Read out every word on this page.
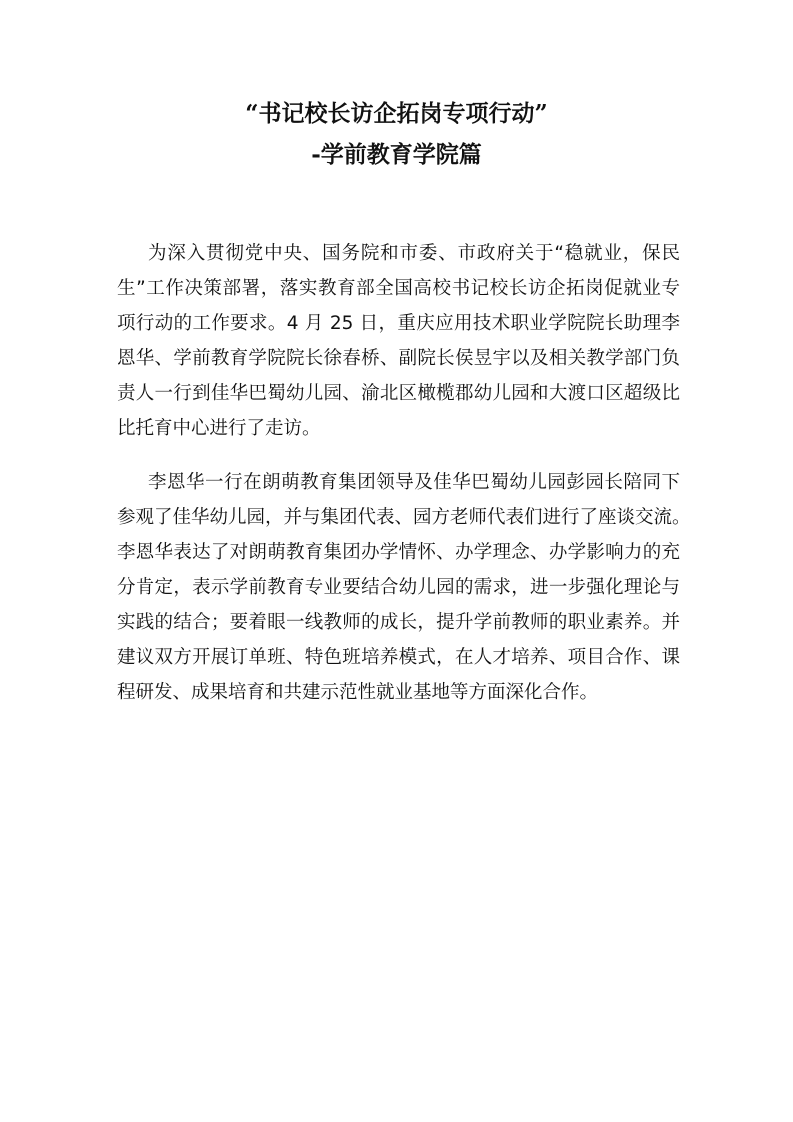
“书记校长访企拓岗专项行动”
-学前教育学院篇

为深入贯彻党中央、国务院和市委、市政府关于“稳就业，保民
生”工作决策部署，落实教育部全国高校书记校长访企拓岗促就业专
项行动的工作要求。4 月 25 日，重庆应用技术职业学院院长助理李
恩华、学前教育学院院长徐春桥、副院长侯昱宇以及相关教学部门负
责人一行到佳华巴蜀幼儿园、渝北区橄榄郡幼儿园和大渡口区超级比
比托育中心进行了走访。

李恩华一行在朗萌教育集团领导及佳华巴蜀幼儿园彭园长陪同下
参观了佳华幼儿园，并与集团代表、园方老师代表们进行了座谈交流。
李恩华表达了对朗萌教育集团办学情怀、办学理念、办学影响力的充
分肯定，表示学前教育专业要结合幼儿园的需求，进一步强化理论与
实践的结合；要着眼一线教师的成长，提升学前教师的职业素养。并
建议双方开展订单班、特色班培养模式，在人才培养、项目合作、课
程研发、成果培育和共建示范性就业基地等方面深化合作。
